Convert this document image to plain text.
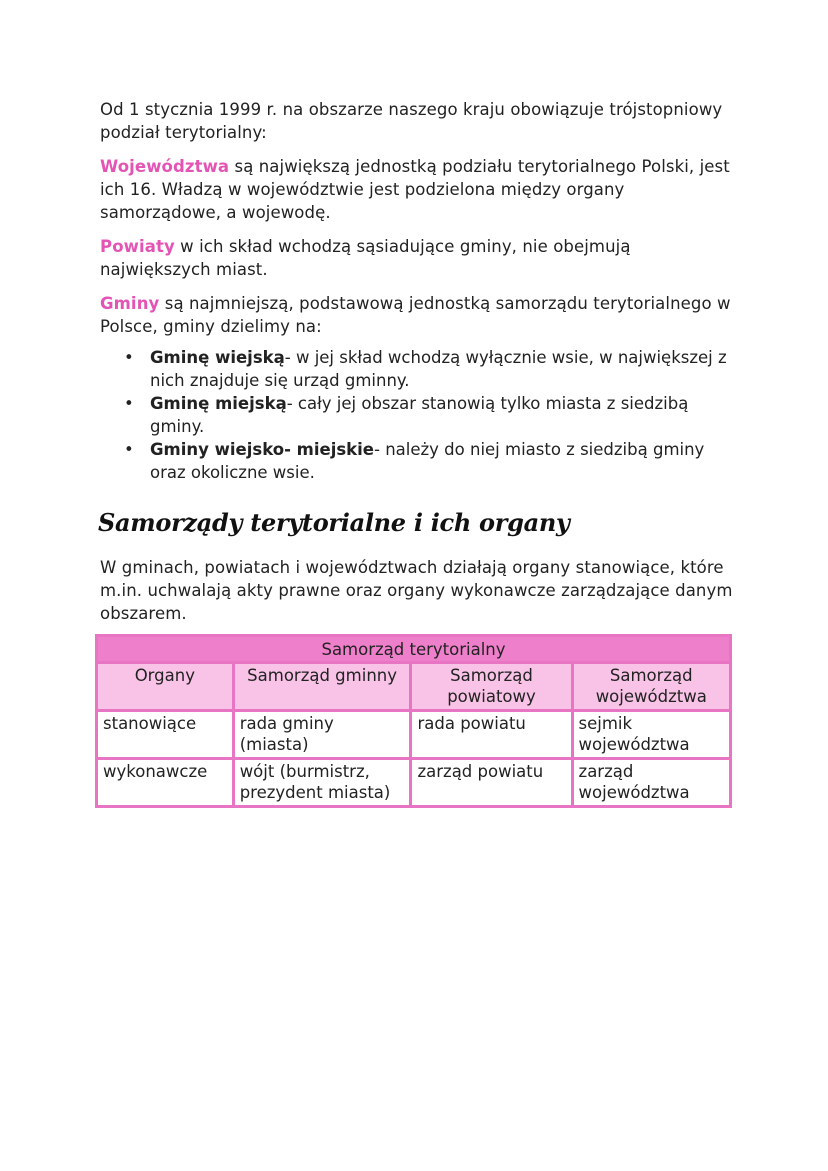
Od 1 stycznia 1999 r. na obszarze naszego kraju obowiązuje trójstopniowy podział terytorialny:

Województwa są największą jednostką podziału terytorialnego Polski, jest ich 16. Władzą w województwie jest podzielona między organy samorządowe, a wojewodę.

Powiaty w ich skład wchodzą sąsiadujące gminy, nie obejmują największych miast.

Gminy są najmniejszą, podstawową jednostką samorządu terytorialnego w Polsce, gminy dzielimy na:

• Gminę wiejską- w jej skład wchodzą wyłącznie wsie, w największej z nich znajduje się urząd gminny.
• Gminę miejską- cały jej obszar stanowią tylko miasta z siedzibą gminy.
• Gminy wiejsko- miejskie- należy do niej miasto z siedzibą gminy oraz okoliczne wsie.
Samorządy terytorialne i ich organy

W gminach, powiatach i województwach działają organy stanowiące, które m.in. uchwalają akty prawne oraz organy wykonawcze zarządzające danym obszarem.

Samorząd terytorialny			
Organy	Samorząd gminny	Samorząd powiatowy	Samorząd województwa
stanowiące	rada gminy (miasta)	rada powiatu	sejmik województwa
wykonawcze	wójt (burmistrz, prezydent miasta)	zarząd powiatu	zarząd województwa
